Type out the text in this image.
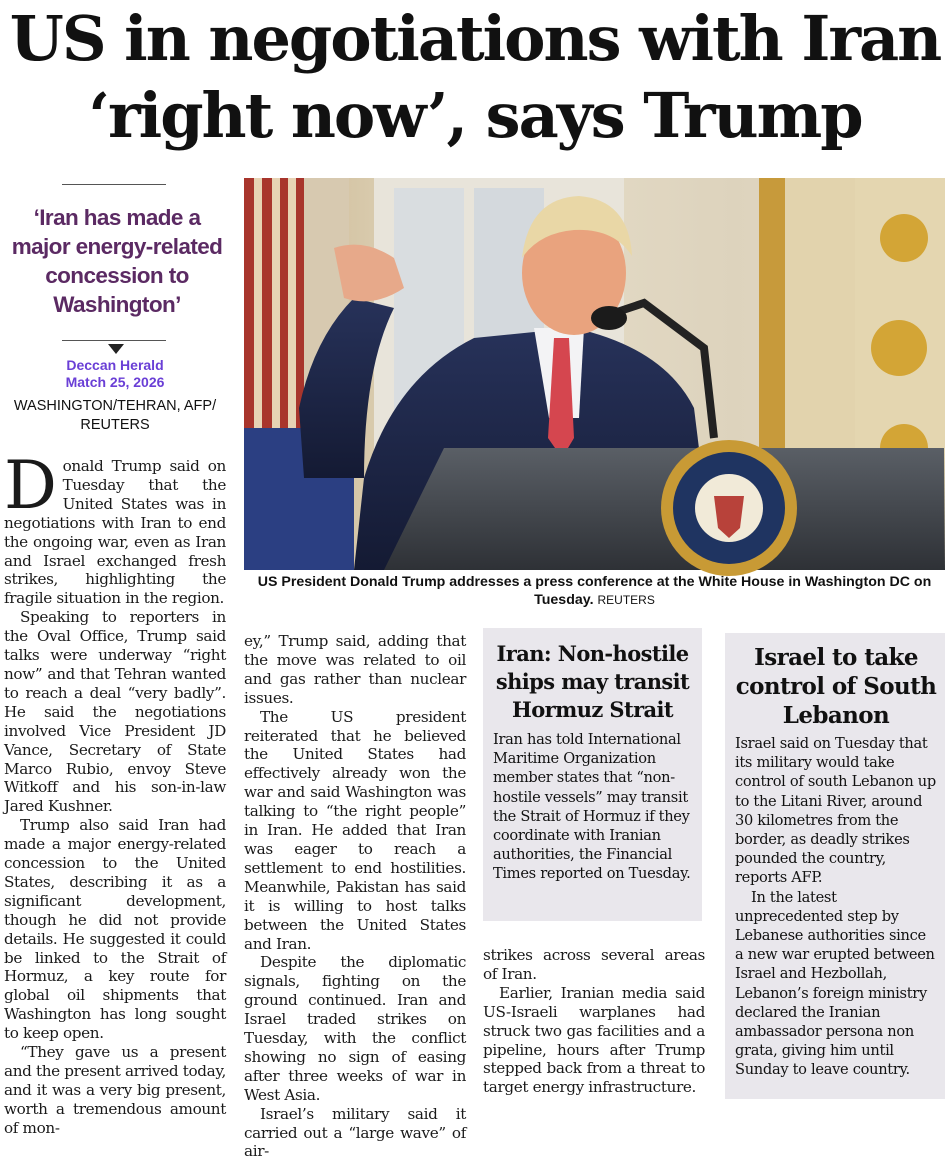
US in negotiations with Iran
‘right now’, says Trump
‘Iran has made a major energy-related concession to Washington’
Deccan Herald
Match 25, 2026
WASHINGTON/TEHRAN, AFP/ REUTERS

Donald Trump said on Tuesday that the United States was in negotiations with Iran to end the ongoing war, even as Iran and Israel exchanged fresh strikes, highlighting the fragile situation in the region.

Speaking to reporters in the Oval Office, Trump said talks were underway “right now” and that Tehran wanted to reach a deal “very badly”. He said the negotiations involved Vice President JD Vance, Secretary of State Marco Rubio, envoy Steve Witkoff and his son-in-law Jared Kushner.

Trump also said Iran had made a major energy-related concession to the United States, describing it as a significant development, though he did not provide details. He suggested it could be linked to the Strait of Hormuz, a key route for global oil shipments that Washington has long sought to keep open.

“They gave us a present and the present arrived today, and it was a very big present, worth a tremendous amount of mon-

US President Donald Trump addresses a press conference at the White House in Washington DC on Tuesday. REUTERS

ey,” Trump said, adding that the move was related to oil and gas rather than nuclear issues.

The US president reiterated that he believed the United States had effectively already won the war and said Washington was talking to “the right people” in Iran. He added that Iran was eager to reach a settlement to end hostilities. Meanwhile, Pakistan has said it is willing to host talks between the United States and Iran.

Despite the diplomatic signals, fighting on the ground continued. Iran and Israel traded strikes on Tuesday, with the conflict showing no sign of easing after three weeks of war in West Asia.

Israel’s military said it carried out a “large wave” of air-

Iran: Non-hostile ships may transit Hormuz Strait
Iran has told International Maritime Organization member states that “non-hostile vessels” may transit the Strait of Hormuz if they coordinate with Iranian authorities, the Financial Times reported on Tuesday.

strikes across several areas of Iran.

Earlier, Iranian media said US-Israeli warplanes had struck two gas facilities and a pipeline, hours after Trump stepped back from a threat to target energy infrastructure.

Israel to take control of South Lebanon
Israel said on Tuesday that its military would take control of south Lebanon up to the Litani River, around 30 kilometres from the border, as deadly strikes pounded the country, reports AFP.
In the latest unprecedented step by Lebanese authorities since a new war erupted between Israel and Hezbollah, Lebanon’s foreign ministry declared the Iranian ambassador persona non grata, giving him until Sunday to leave country.
